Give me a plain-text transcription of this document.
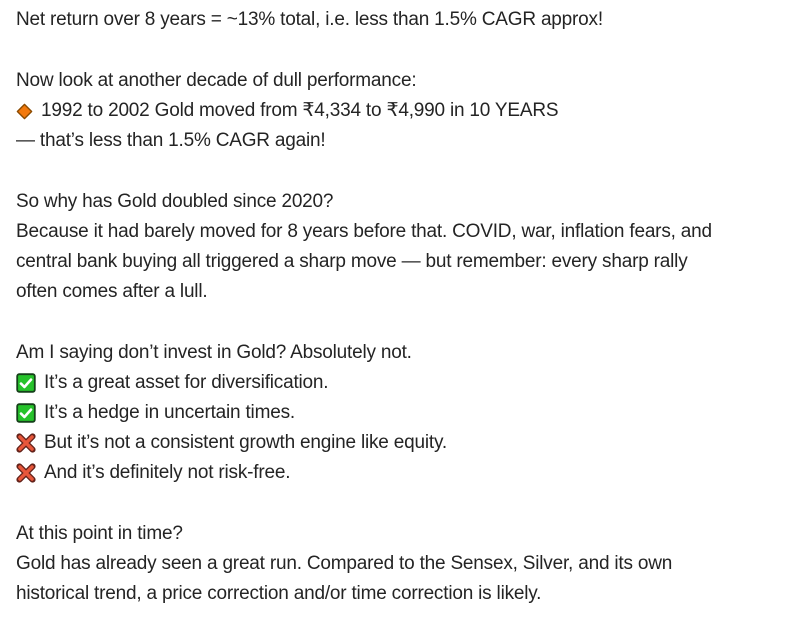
Net return over 8 years = ~13% total, i.e. less than 1.5% CAGR approx!
Now look at another decade of dull performance:
1992 to 2002 Gold moved from ₹4,334 to ₹4,990 in 10 YEARS
— that’s less than 1.5% CAGR again!
So why has Gold doubled since 2020?
Because it had barely moved for 8 years before that. COVID, war, inflation fears, and
central bank buying all triggered a sharp move — but remember: every sharp rally
often comes after a lull.
Am I saying don’t invest in Gold? Absolutely not.
It’s a great asset for diversification.
It’s a hedge in uncertain times.
But it’s not a consistent growth engine like equity.
And it’s definitely not risk-free.
At this point in time?
Gold has already seen a great run. Compared to the Sensex, Silver, and its own
historical trend, a price correction and/or time correction is likely.
